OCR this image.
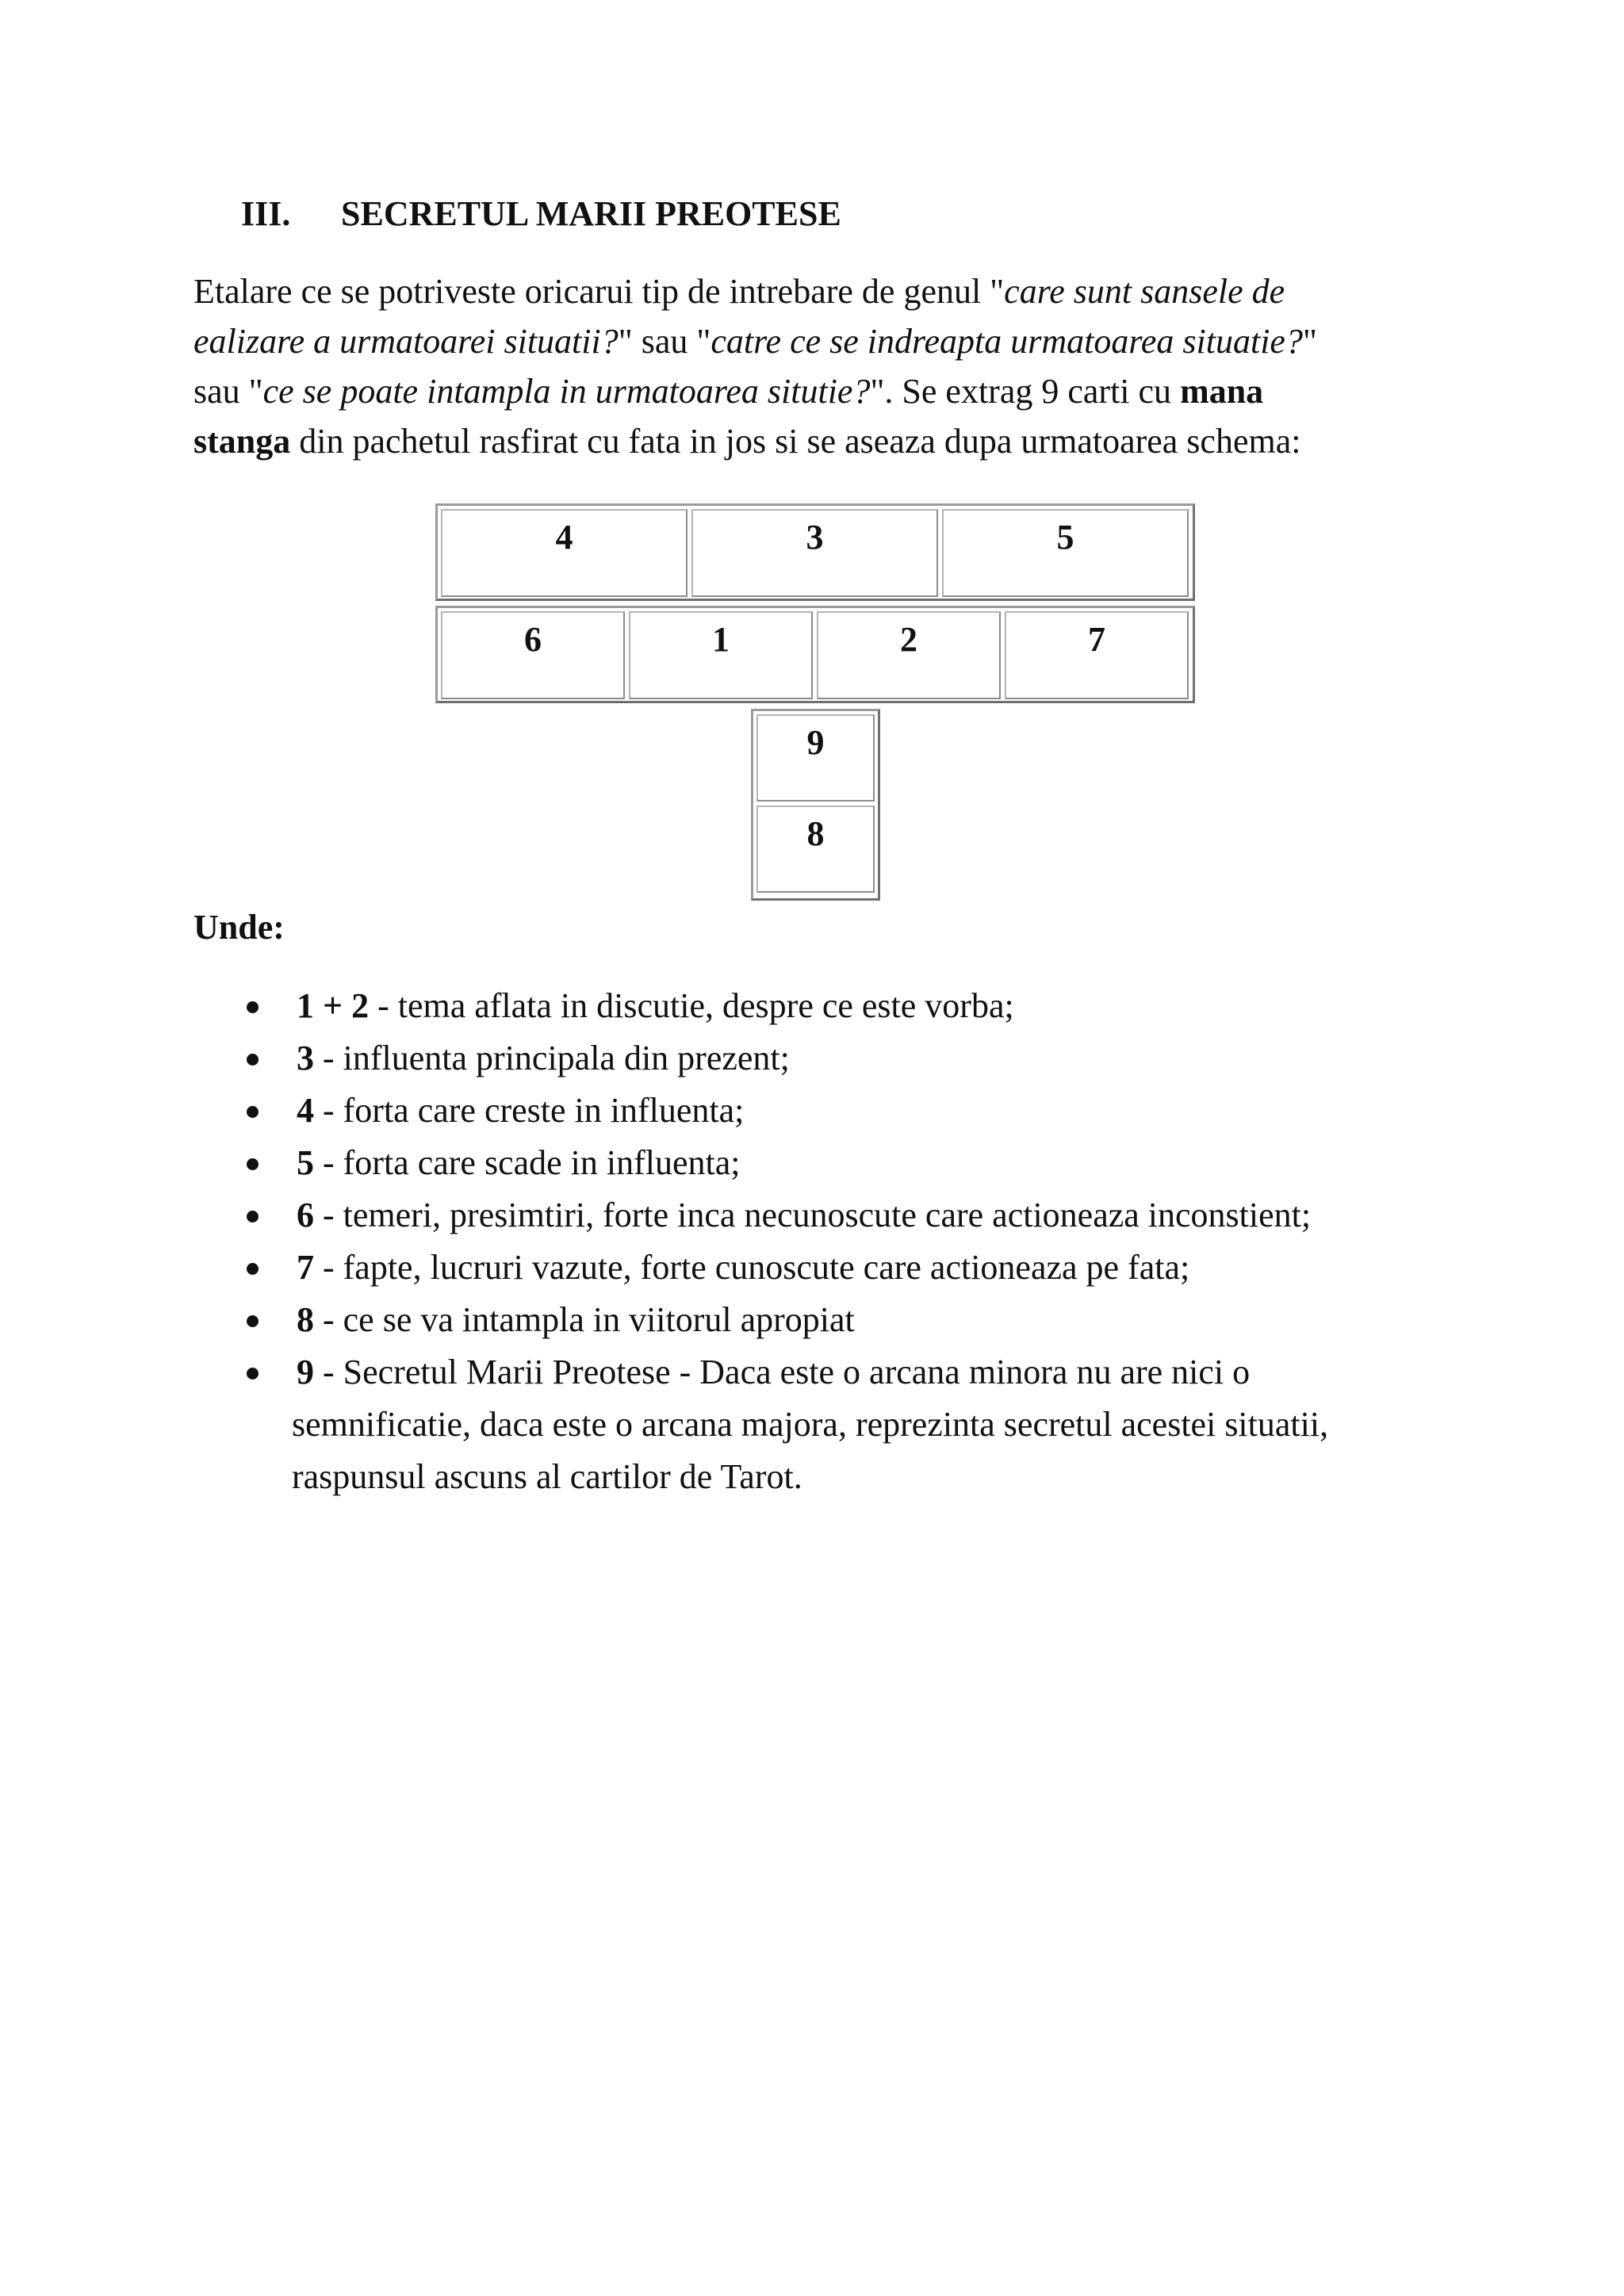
III. SECRETUL MARII PREOTESE
Etalare ce se potriveste oricarui tip de intrebare de genul "care sunt sansele de
ealizare a urmatoarei situatii?" sau "catre ce se indreapta urmatoarea situatie?"
sau "ce se poate intampla in urmatoarea situtie?". Se extrag 9 carti cu mana
stanga din pachetul rasfirat cu fata in jos si se aseaza dupa urmatoarea schema:
4	3	5
6	1	2	7
9
8
Unde:
1 + 2 - tema aflata in discutie, despre ce este vorba;
3 - influenta principala din prezent;
4 - forta care creste in influenta;
5 - forta care scade in influenta;
6 - temeri, presimtiri, forte inca necunoscute care actioneaza inconstient;
7 - fapte, lucruri vazute, forte cunoscute care actioneaza pe fata;
8 - ce se va intampla in viitorul apropiat
9 - Secretul Marii Preotese - Daca este o arcana minora nu are nici o
semnificatie, daca este o arcana majora, reprezinta secretul acestei situatii,
raspunsul ascuns al cartilor de Tarot.
